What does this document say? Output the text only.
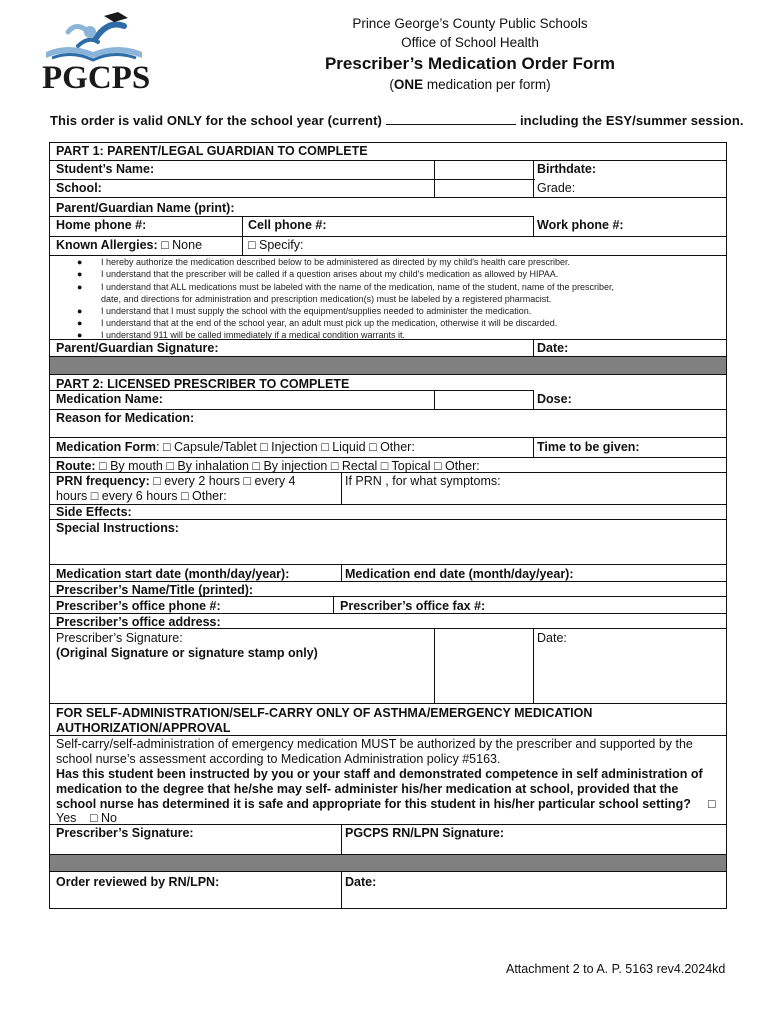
PGCPS
Prince George’s County Public Schools
Office of School Health
Prescriber’s Medication Order Form
(ONE medication per form)
This order is valid ONLY for the school year (current)	including the ESY/summer session.
PART 1: PARENT/LEGAL GUARDIAN TO COMPLETE
Student’s Name:	Birthdate:
School:	Grade:
Parent/Guardian Name (print):
Home phone #:	Cell phone #:	Work phone #:
Known Allergies: □ None	□ Specify:
● I hereby authorize the medication described below to be administered as directed by my child's health care prescriber.
● I understand that the prescriber will be called if a question arises about my child's medication as allowed by HIPAA.
● I understand that ALL medications must be labeled with the name of the medication, name of the student, name of the prescriber,
date, and directions for administration and prescription medication(s) must be labeled by a registered pharmacist.
● I understand that I must supply the school with the equipment/supplies needed to administer the medication.
● I understand that at the end of the school year, an adult must pick up the medication, otherwise it will be discarded.
● I understand 911 will be called immediately if a medical condition warrants it.
Parent/Guardian Signature:	Date:
PART 2: LICENSED PRESCRIBER TO COMPLETE
Medication Name:	Dose:
Reason for Medication:
Medication Form: □ Capsule/Tablet □ Injection □ Liquid □ Other:	Time to be given:
Route: □ By mouth □ By inhalation □ By injection □ Rectal □ Topical □ Other:
PRN frequency: □ every 2 hours □ every 4
hours □ every 6 hours □ Other:
If PRN , for what symptoms:
Side Effects:
Special Instructions:
Medication start date (month/day/year):	Medication end date (month/day/year):
Prescriber’s Name/Title (printed):
Prescriber’s office phone #:	Prescriber’s office fax #:
Prescriber’s office address:
Prescriber’s Signature:
(Original Signature or signature stamp only)
Date:
FOR SELF-ADMINISTRATION/SELF-CARRY ONLY OF ASTHMA/EMERGENCY MEDICATION
AUTHORIZATION/APPROVAL
Self-carry/self-administration of emergency medication MUST be authorized by the prescriber and supported by the
school nurse’s assessment according to Medication Administration policy #5163.
Has this student been instructed by you or your staff and demonstrated competence in self administration of
medication to the degree that he/she may self- administer his/her medication at school, provided that the
school nurse has determined it is safe and appropriate for this student in his/her particular school setting? □
Yes □ No
Prescriber’s Signature:	PGCPS RN/LPN Signature:
Order reviewed by RN/LPN:	Date:
Attachment 2 to A. P. 5163 rev4.2024kd
